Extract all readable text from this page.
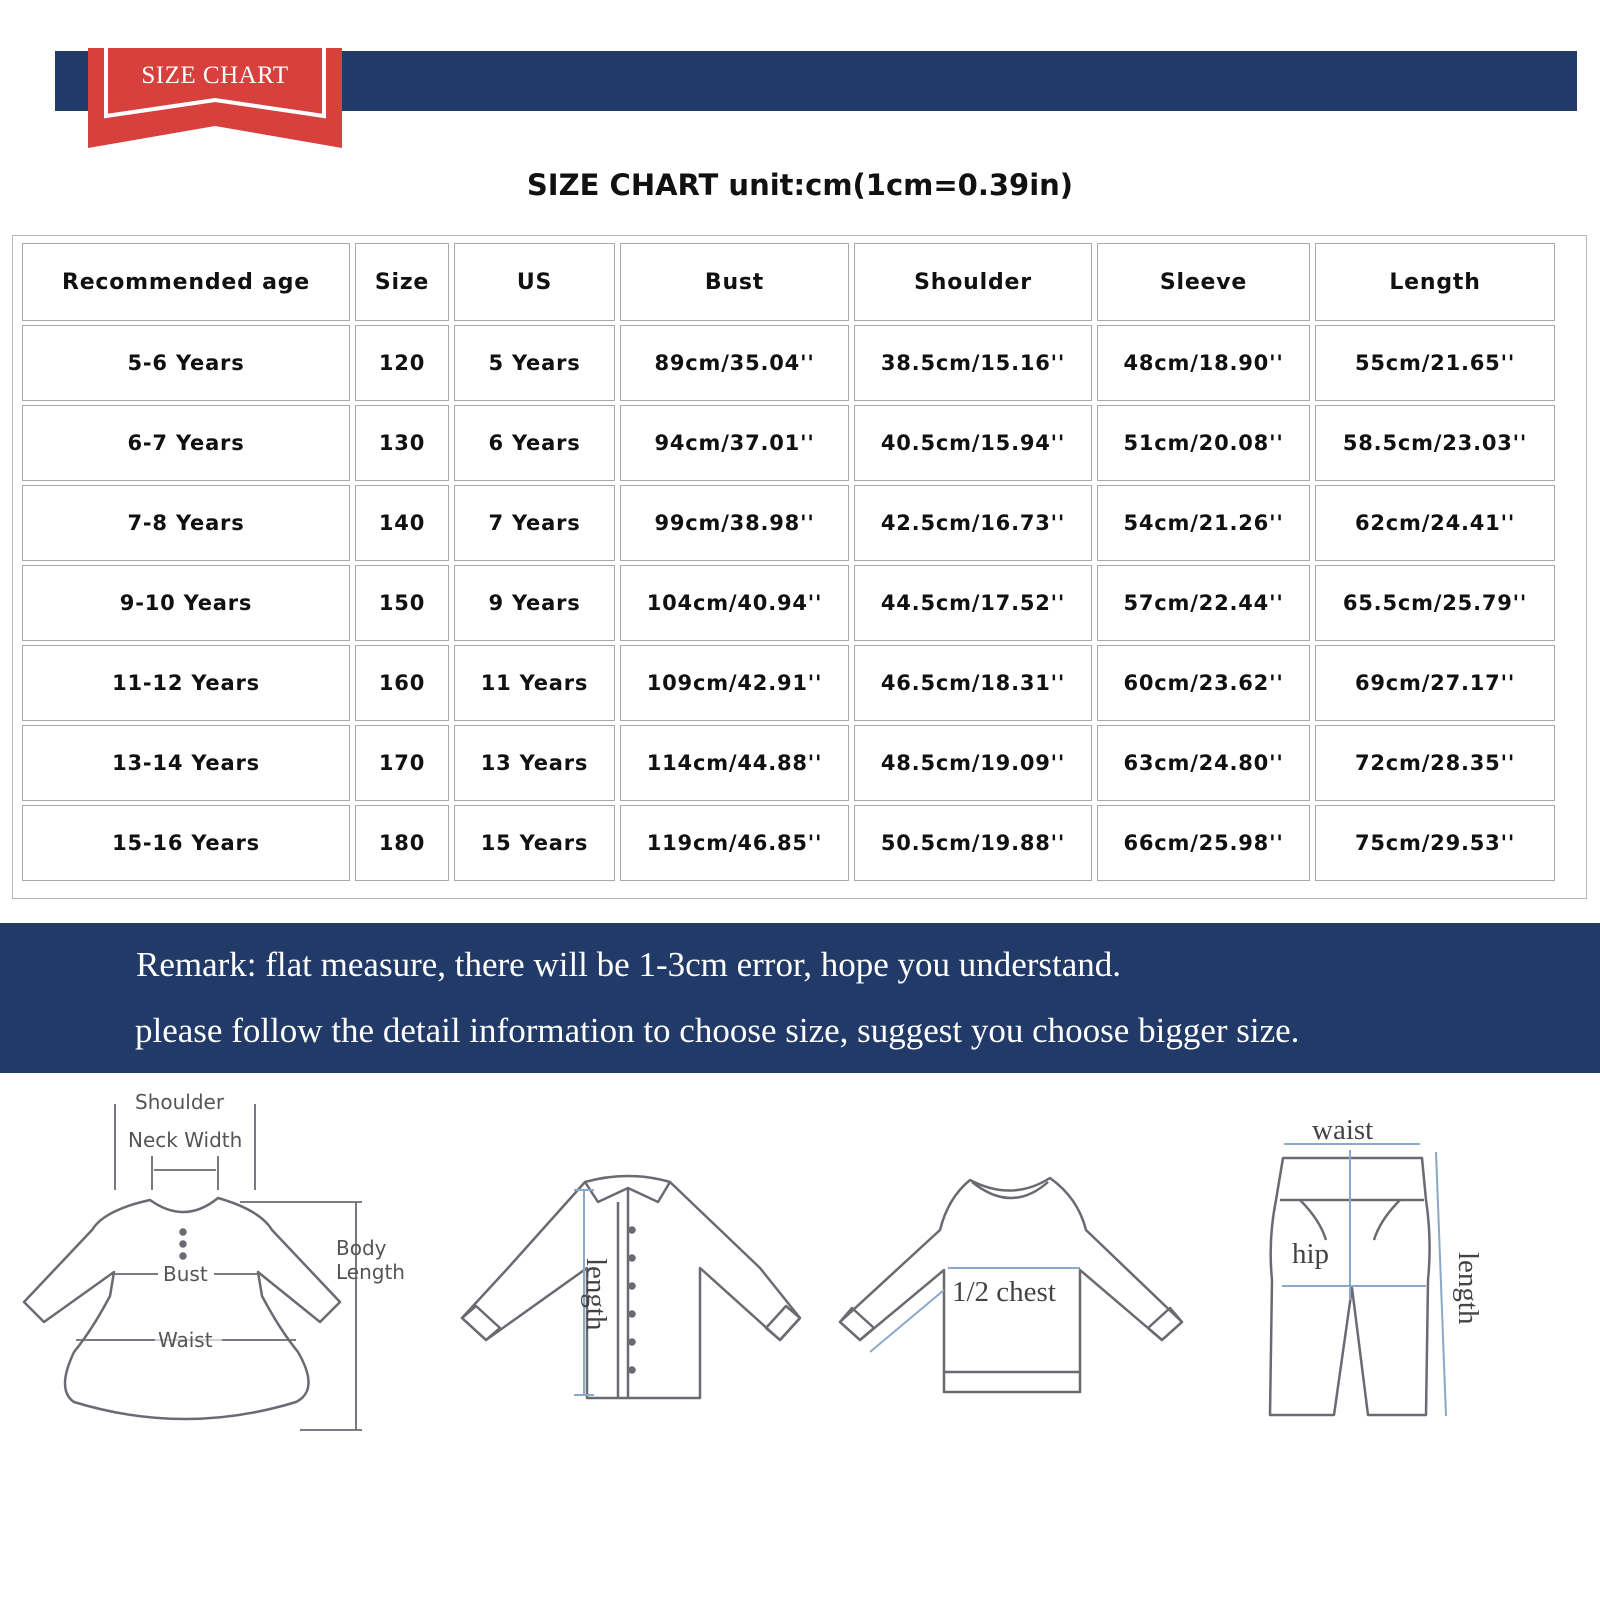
SIZE CHART
SIZE CHART unit:cm(1cm=0.39in)
Recommended age	Size	US	Bust	Shoulder	Sleeve	Length
5-6 Years	120	5 Years	89cm/35.04''	38.5cm/15.16''	48cm/18.90''	55cm/21.65''
6-7 Years	130	6 Years	94cm/37.01''	40.5cm/15.94''	51cm/20.08''	58.5cm/23.03''
7-8 Years	140	7 Years	99cm/38.98''	42.5cm/16.73''	54cm/21.26''	62cm/24.41''
9-10 Years	150	9 Years	104cm/40.94''	44.5cm/17.52''	57cm/22.44''	65.5cm/25.79''
11-12 Years	160	11 Years	109cm/42.91''	46.5cm/18.31''	60cm/23.62''	69cm/27.17''
13-14 Years	170	13 Years	114cm/44.88''	48.5cm/19.09''	63cm/24.80''	72cm/28.35''
15-16 Years	180	15 Years	119cm/46.85''	50.5cm/19.88''	66cm/25.98''	75cm/29.53''
Remark: flat measure, there will be 1-3cm error, hope you understand.
please follow the detail information to choose size, suggest you choose bigger size.
Shoulder
Neck Width
Bust
Waist
Body
Length	length	1/2 chest
waist
hip	length
